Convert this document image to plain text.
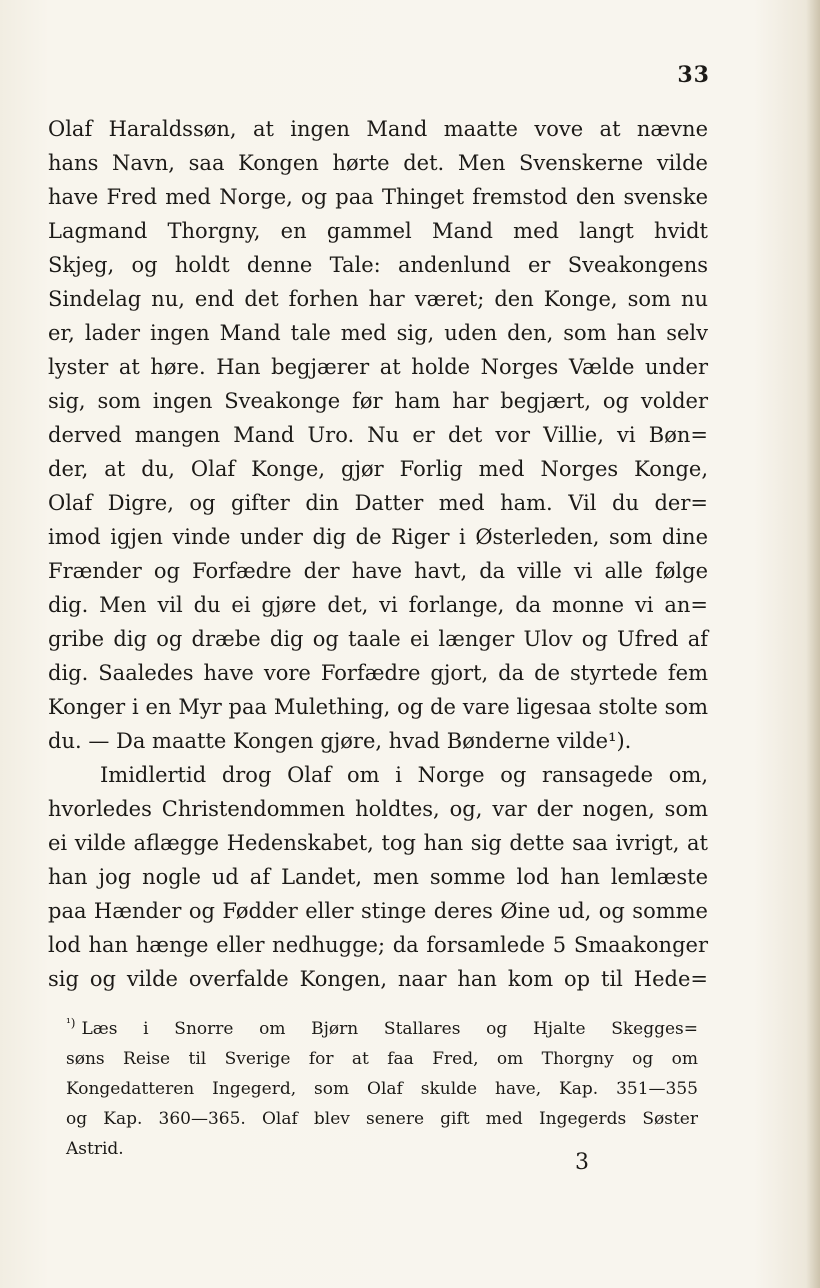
33
Olaf Haraldssøn, at ingen Mand maatte vove at nævne
hans Navn, saa Kongen hørte det. Men Svenskerne vilde
have Fred med Norge, og paa Thinget fremstod den svenske
Lagmand Thorgny, en gammel Mand med langt hvidt
Skjeg, og holdt denne Tale: andenlund er Sveakongens
Sindelag nu, end det forhen har været; den Konge, som nu
er, lader ingen Mand tale med sig, uden den, som han selv
lyster at høre. Han begjærer at holde Norges Vælde under
sig, som ingen Sveakonge før ham har begjært, og volder
derved mangen Mand Uro. Nu er det vor Villie, vi Bøn=
der, at du, Olaf Konge, gjør Forlig med Norges Konge,
Olaf Digre, og gifter din Datter med ham. Vil du der=
imod igjen vinde under dig de Riger i Østerleden, som dine
Frænder og Forfædre der have havt, da ville vi alle følge
dig. Men vil du ei gjøre det, vi forlange, da monne vi an=
gribe dig og dræbe dig og taale ei længer Ulov og Ufred af
dig. Saaledes have vore Forfædre gjort, da de styrtede fem
Konger i en Myr paa Mulething, og de vare ligesaa stolte som
du. — Da maatte Kongen gjøre, hvad Bønderne vilde¹).
Imidlertid drog Olaf om i Norge og ransagede om,
hvorledes Christendommen holdtes, og, var der nogen, som
ei vilde aflægge Hedenskabet, tog han sig dette saa ivrigt, at
han jog nogle ud af Landet, men somme lod han lemlæste
paa Hænder og Fødder eller stinge deres Øine ud, og somme
lod han hænge eller nedhugge; da forsamlede 5 Smaakonger
sig og vilde overfalde Kongen, naar han kom op til Hede=
$^{^1)}$ Læs i Snorre om Bjørn Stallares og Hjalte Skegges=
søns Reise til Sverige for at faa Fred, om Thorgny og om
Kongedatteren Ingegerd, som Olaf skulde have, Kap. 351—355
og Kap. 360—365. Olaf blev senere gift med Ingegerds Søster
Astrid.
3
